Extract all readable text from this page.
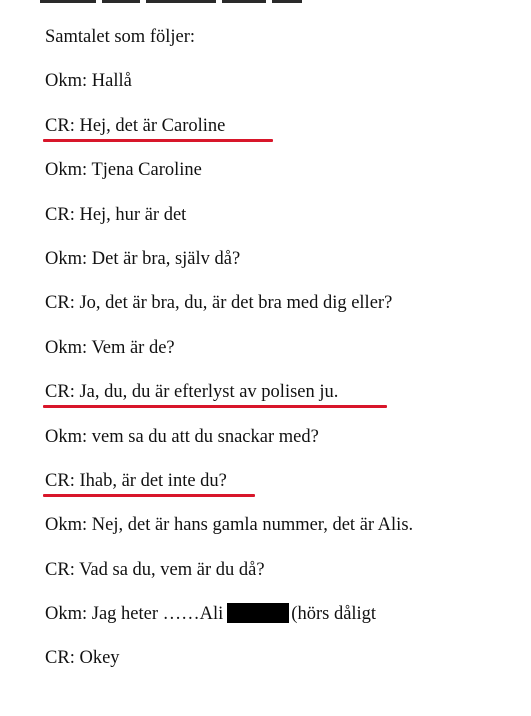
Samtalet som följer:
Okm : Hallå
CR : Hej, det är Caroline
Okm : Tjena Caroline
CR : Hej, hur är det
Okm : Det är bra, själv då?
CR : Jo, det är bra, du, är det bra med dig eller?
Okm : Vem är de?
CR : Ja, du, du är efterlyst av polisen ju.
Okm : vem sa du att du snackar med?
CR : Ihab, är det inte du?
Okm : Nej, det är hans gamla nummer, det är Alis.
CR : Vad sa du, vem är du då?
Okm : Jag heter ……Ali	(hörs dåligt
CR : Okey
